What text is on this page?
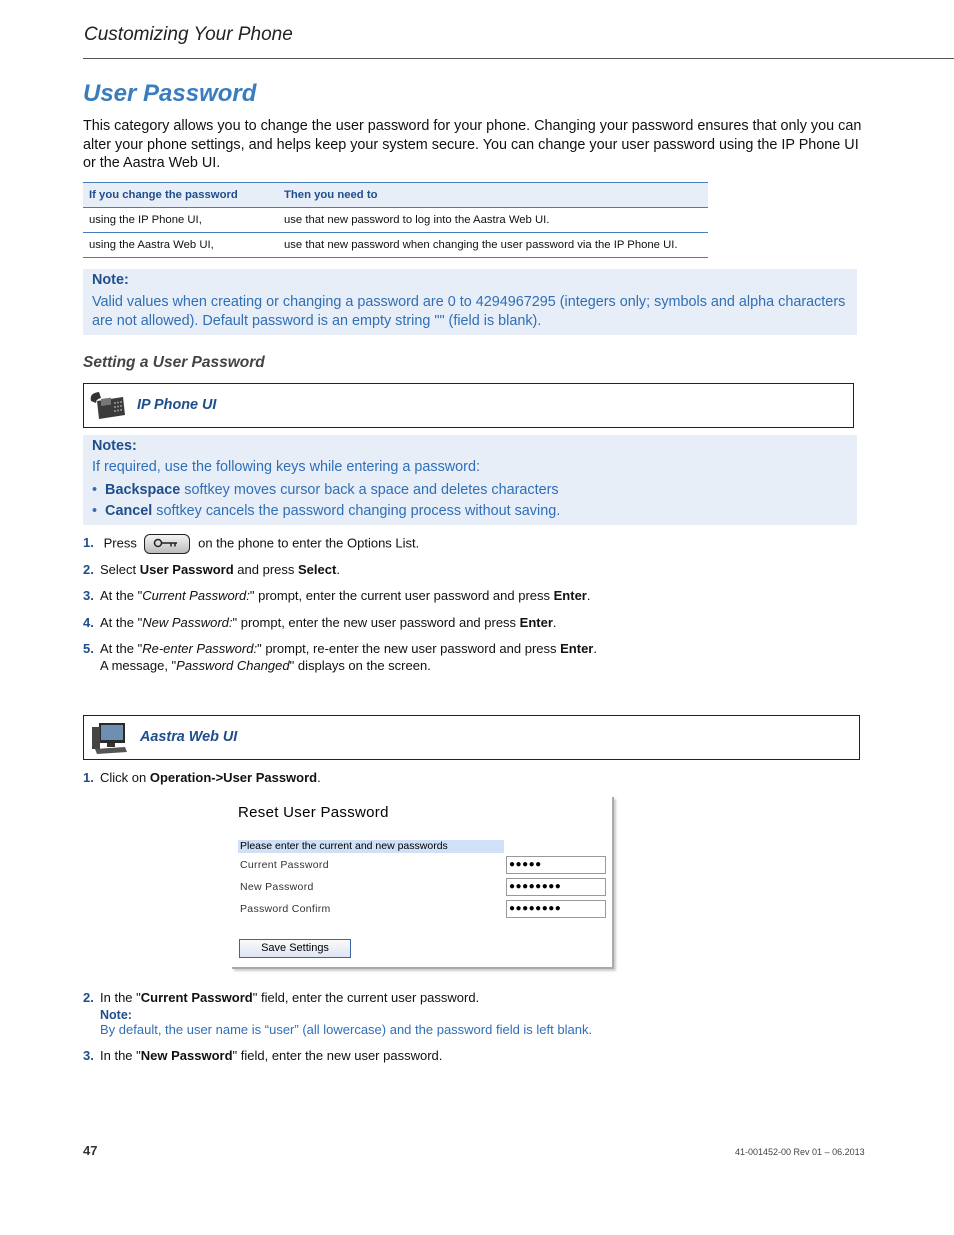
Customizing Your Phone
User Password
This category allows you to change the user password for your phone. Changing your password ensures that only you can alter your phone settings, and helps keep your system secure. You can change your user password using the IP Phone UI or the Aastra Web UI.
If you change the password	Then you need to
using the IP Phone UI,	use that new password to log into the Aastra Web UI.
using the Aastra Web UI,	use that new password when changing the user password via the IP Phone UI.
Note:
Valid values when creating or changing a password are 0 to 4294967295 (integers only; symbols and alpha characters are not allowed). Default password is an empty string "" (field is blank).
Setting a User Password
IP Phone UI
Notes:
If required, use the following keys while entering a password:
•  Backspace softkey moves cursor back a space and deletes characters
•  Cancel softkey cancels the password changing process without saving.
1. Press	on the phone to enter the Options List.
2. Select User Password and press Select.
3. At the "Current Password:" prompt, enter the current user password and press Enter.
4. At the "New Password:" prompt, enter the new user password and press Enter.
5. At the "Re-enter Password:" prompt, re-enter the new user password and press Enter.
A message, "Password Changed" displays on the screen.
Aastra Web UI
1. Click on Operation->User Password.
Reset User Password
Please enter the current and new passwords
Current Password	●●●●●
New Password	●●●●●●●●
Password Confirm	●●●●●●●●
Save Settings
2. In the "Current Password" field, enter the current user password.
Note:
By default, the user name is “user” (all lowercase) and the password field is left blank.
3. In the "New Password" field, enter the new user password.
47	41-001452-00 Rev 01 – 06.2013
